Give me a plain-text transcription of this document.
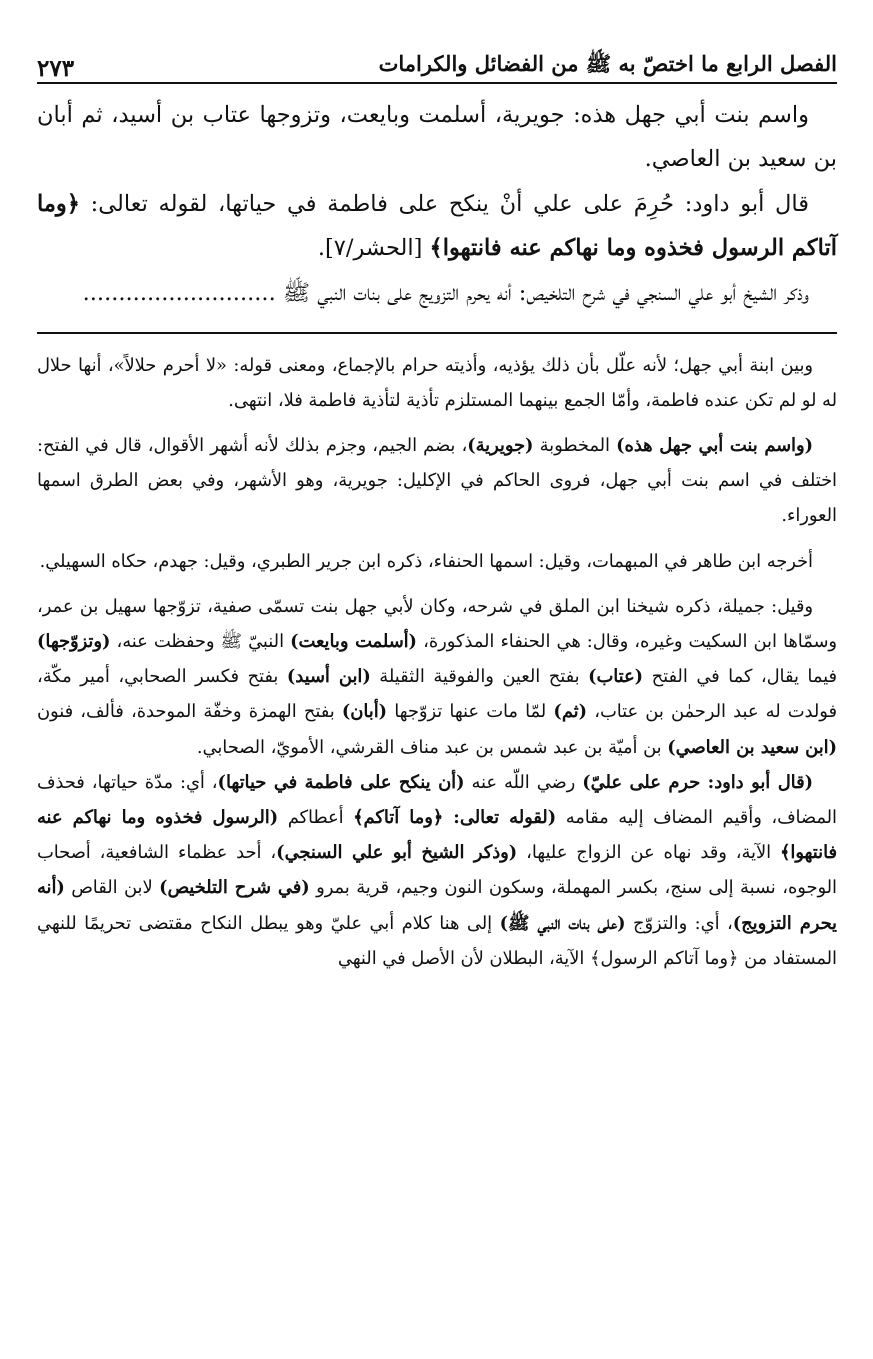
الفصل الرابع ما اختصّ به ﷺ من الفضائل والكرامات
٢٧٣

واسم بنت أبي جهل هذه: جويرية، أسلمت وبايعت، وتزوجها عتاب بن أسيد، ثم أبان بن سعيد بن العاصي.

قال أبو داود: حُرِمَ على علي أنْ ينكح على فاطمة في حياتها، لقوله تعالى: ﴿وما آتاكم الرسول فخذوه وما نهاكم عنه فانتهوا﴾ [الحشر/٧].

وذكر الشيخ أبو علي السنجي في شرح التلخيص: أنه يحرم التزويج على بنات النبي ﷺ ...........................

وبين ابنة أبي جهل؛ لأنه علّل بأن ذلك يؤذيه، وأذيته حرام بالإجماع، ومعنى قوله: «لا أحرم حلالاً»، أنها حلال له لو لم تكن عنده فاطمة، وأمّا الجمع بينهما المستلزم تأذية لتأذية فاطمة فلا، انتهى.

(واسم بنت أبي جهل هذه) المخطوبة (جويرية)، بضم الجيم، وجزم بذلك لأنه أشهر الأقوال، قال في الفتح: اختلف في اسم بنت أبي جهل، فروى الحاكم في الإكليل: جويرية، وهو الأشهر، وفي بعض الطرق اسمها العوراء.

أخرجه ابن طاهر في المبهمات، وقيل: اسمها الحنفاء، ذكره ابن جرير الطبري، وقيل: جهدم، حكاه السهيلي.

وقيل: جميلة، ذكره شيخنا ابن الملق في شرحه، وكان لأبي جهل بنت تسمّى صفية، تزوّجها سهيل بن عمر، وسمّاها ابن السكيت وغيره، وقال: هي الحنفاء المذكورة، (أسلمت وبايعت) النبيّ ﷺ وحفظت عنه، (وتزوّجها) فيما يقال، كما في الفتح (عتاب) بفتح العين والفوقية الثقيلة (ابن أسيد) بفتح فكسر الصحابي، أمير مكّة، فولدت له عبد الرحمٰن بن عتاب، (ثم) لمّا مات عنها تزوّجها (أبان) بفتح الهمزة وخفّة الموحدة، فألف، فنون (ابن سعيد بن العاصي) بن أميّة بن عبد شمس بن عبد مناف القرشي، الأمويّ، الصحابي.

(قال أبو داود: حرم على عليّ) رضي اللّه عنه (أن ينكح على فاطمة في حياتها)، أي: مدّة حياتها، فحذف المضاف، وأقيم المضاف إليه مقامه (لقوله تعالى: ﴿وما آتاكم﴾ أعطاكم (الرسول فخذوه وما نهاكم عنه فانتهوا﴾ الآية، وقد نهاه عن الزواج عليها، (وذكر الشيخ أبو علي السنجي)، أحد عظماء الشافعية، أصحاب الوجوه، نسبة إلى سنج، بكسر المهملة، وسكون النون وجيم، قرية بمرو (في شرح التلخيص) لابن القاص (أنه يحرم التزويج)، أي: والتزوّج (على بنات النبي ﷺ) إلى هنا كلام أبي عليّ وهو يبطل النكاح مقتضى تحريمًا للنهي المستفاد من ﴿وما آتاكم الرسول﴾ الآية، البطلان لأن الأصل في النهي
